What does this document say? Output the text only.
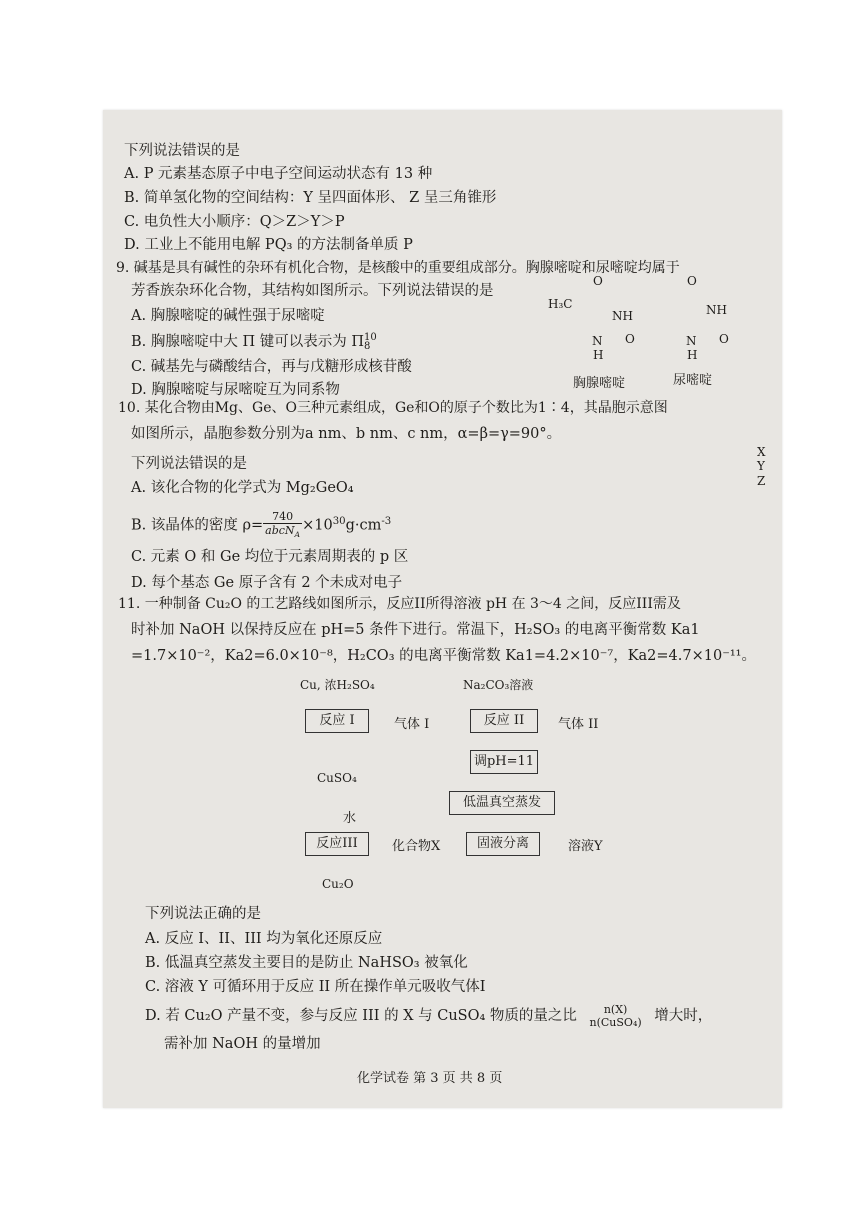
下列说法错误的是
A. P 元素基态原子中电子空间运动状态有 13 种
B. 简单氢化物的空间结构：Y 呈四面体形、 Z 呈三角锥形
C. 电负性大小顺序：Q＞Z＞Y＞P
D. 工业上不能用电解 PQ₃ 的方法制备单质 P
9. 碱基是具有碱性的杂环有机化合物，是核酸中的重要组成部分。胸腺嘧啶和尿嘧啶均属于
芳香族杂环化合物，其结构如图所示。下列说法错误的是
A. 胸腺嘧啶的碱性强于尿嘧啶
B. 胸腺嘧啶中大 Π 键可以表示为 Π 10
8
C. 碱基先与磷酸结合，再与戊糖形成核苷酸
D. 胸腺嘧啶与尿嘧啶互为同系物
O
H₃C
NH
O
N
H
O
NH
O
N
H
胸腺嘧啶	尿嘧啶
10. 某化合物由Mg、Ge、O三种元素组成，Ge和O的原子个数比为1∶4，其晶胞示意图
如图所示，晶胞参数分别为a nm、b nm、c nm，α=β=γ=90°。
下列说法错误的是
A. 该化合物的化学式为 Mg₂GeO₄
B. 该晶体的密度 $\rho= \frac{740}{abcN_A} \times 10^{30}g\cdot cm^{-3}$
C. 元素 O 和 Ge 均位于元素周期表的 p 区
D. 每个基态 Ge 原子含有 2 个未成对电子
X
Y
Z
11. 一种制备 Cu₂O 的工艺路线如图所示，反应II所得溶液 pH 在 3～4 之间，反应III需及
时补加 NaOH 以保持反应在 pH=5 条件下进行。常温下，H₂SO₃ 的电离平衡常数 Ka1
=1.7×10⁻²，Ka2=6.0×10⁻⁸，H₂CO₃ 的电离平衡常数 Ka1=4.2×10⁻⁷，Ka2=4.7×10⁻¹¹。
Cu, 浓H₂SO₄	Na₂CO₃溶液
反应 I	气体 I	反应 II	气体 II
调pH=11
CuSO₄
低温真空蒸发
水
反应III	化合物X	固液分离	溶液Y
Cu₂O
下列说法正确的是
A. 反应 I、II、III 均为氧化还原反应
B. 低温真空蒸发主要目的是防止 NaHSO₃ 被氧化
C. 溶液 Y 可循环用于反应 II 所在操作单元吸收气体I
D. 若 Cu₂O 产量不变，参与反应 III 的 X 与 CuSO₄ 物质的量之比	n(X)
n(CuSO₄) 增大时，
需补加 NaOH 的量增加
化学试卷 第 3 页 共 8 页
